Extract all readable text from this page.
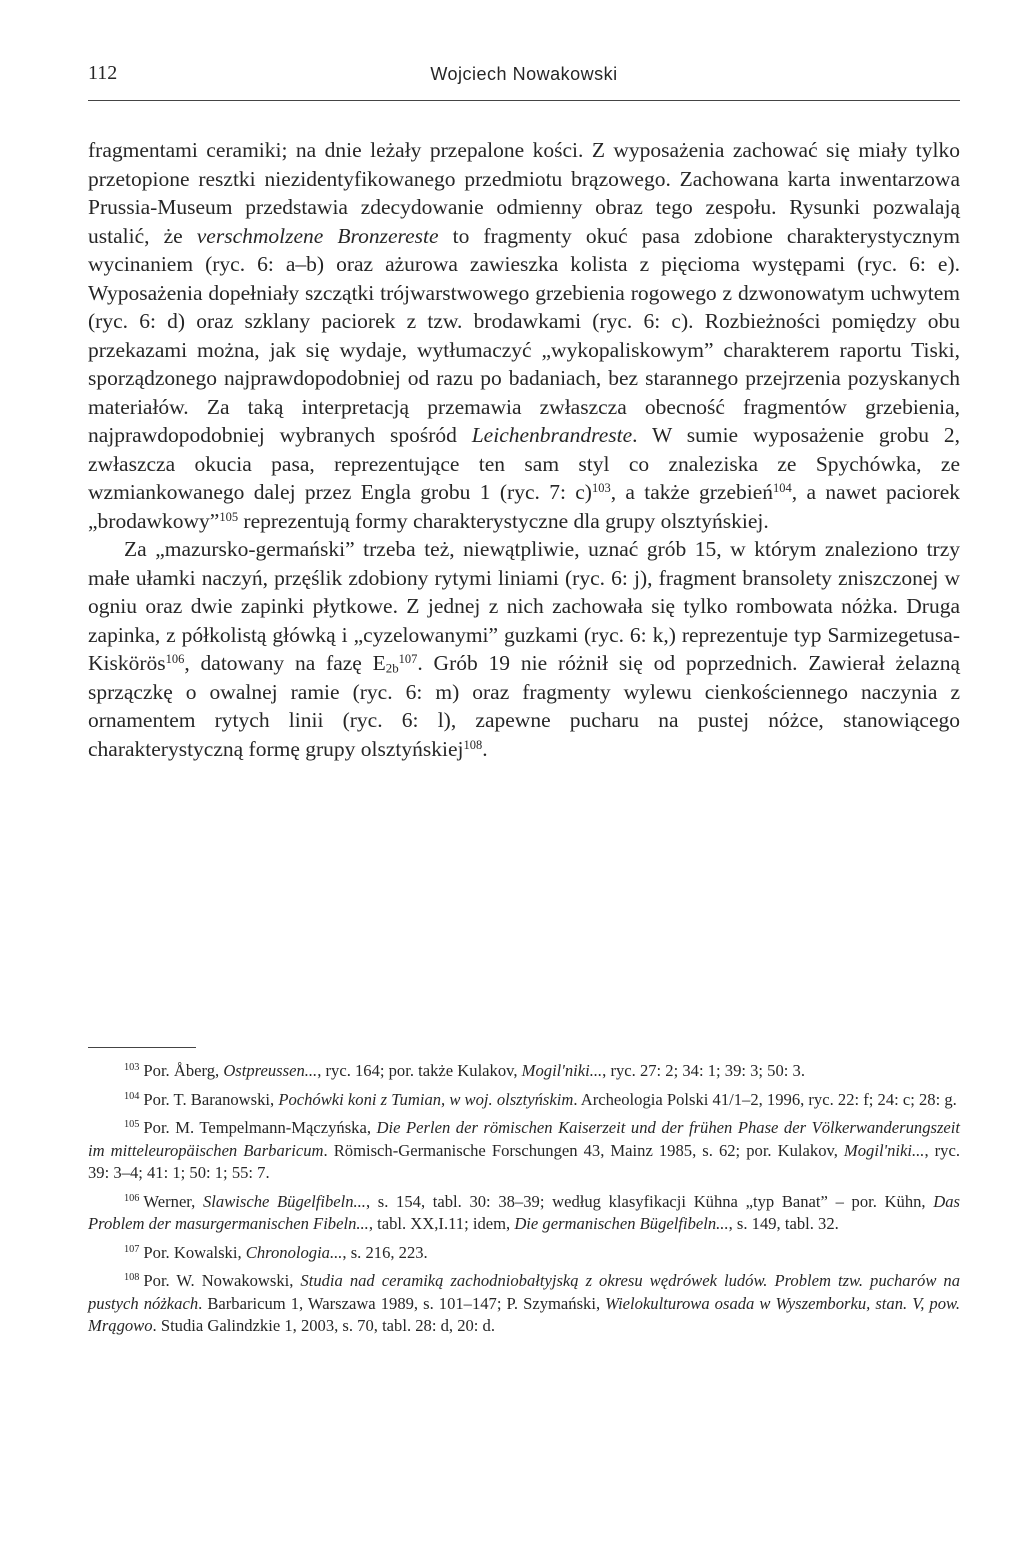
112	Wojciech Nowakowski

fragmentami ceramiki; na dnie leżały przepalone kości. Z wyposażenia zachować się miały tylko przetopione resztki niezidentyfikowanego przedmiotu brązowego. Zachowana karta inwentarzowa Prussia-Museum przedstawia zdecydowanie odmienny obraz tego zespołu. Rysunki pozwalają ustalić, że verschmolzene Bronzereste to fragmenty okuć pasa zdobione charakterystycznym wycinaniem (ryc. 6: a–b) oraz ażurowa zawieszka kolista z pięcioma występami (ryc. 6: e). Wyposażenia dopełniały szczątki trójwarstwowego grzebienia rogowego z dzwonowatym uchwytem (ryc. 6: d) oraz szklany paciorek z tzw. brodawkami (ryc. 6: c). Rozbieżności pomiędzy obu przekazami można, jak się wydaje, wytłumaczyć „wykopaliskowym” charakterem raportu Tiski, sporządzonego najprawdopodobniej od razu po badaniach, bez starannego przejrzenia pozyskanych materiałów. Za taką interpretacją przemawia zwłaszcza obecność fragmentów grzebienia, najprawdopodobniej wybranych spośród Leichenbrandreste. W sumie wyposażenie grobu 2, zwłaszcza okucia pasa, reprezentujące ten sam styl co znaleziska ze Spychówka, ze wzmiankowanego dalej przez Engla grobu 1 (ryc. 7: c)$^{103}$, a także grzebień$^{104}$, a nawet paciorek „brodawkowy”$^{105}$ reprezentują formy charakterystyczne dla grupy olsztyńskiej.

Za „mazursko-germański” trzeba też, niewątpliwie, uznać grób 15, w którym znaleziono trzy małe ułamki naczyń, przęślik zdobiony rytymi liniami (ryc. 6: j), fragment bransolety zniszczonej w ogniu oraz dwie zapinki płytkowe. Z jednej z nich zachowała się tylko rombowata nóżka. Druga zapinka, z półkolistą główką i „cyzelowanymi” guzkami (ryc. 6: k,) reprezentuje typ Sarmizegetusa-Kiskörös$^{106}$, datowany na fazę $E_{2b}^{107}$. Grób 19 nie różnił się od poprzednich. Zawierał żelazną sprzączkę o owalnej ramie (ryc. 6: m) oraz fragmenty wylewu cienkościennego naczynia z ornamentem rytych linii (ryc. 6: l), zapewne pucharu na pustej nóżce, stanowiącego charakterystyczną formę grupy olsztyńskiej$^{108}$.

$^{103}$ Por. Åberg, Ostpreussen..., ryc. 164; por. także Kulakov, Mogil'niki..., ryc. 27: 2; 34: 1; 39: 3; 50: 3.

$^{104}$ Por. T. Baranowski, Pochówki koni z Tumian, w woj. olsztyńskim. Archeologia Polski 41/1–2, 1996, ryc. 22: f; 24: c; 28: g.

$^{105}$ Por. M. Tempelmann-Mączyńska, Die Perlen der römischen Kaiserzeit und der frühen Phase der Völkerwanderungszeit im mitteleuropäischen Barbaricum. Römisch-Germanische Forschungen 43, Mainz 1985, s. 62; por. Kulakov, Mogil'niki..., ryc. 39: 3–4; 41: 1; 50: 1; 55: 7.

$^{106}$ Werner, Slawische Bügelfibeln..., s. 154, tabl. 30: 38–39; według klasyfikacji Kühna „typ Banat” – por. Kühn, Das Problem der masurgermanischen Fibeln..., tabl. XX,I.11; idem, Die germanischen Bügelfibeln..., s. 149, tabl. 32.

$^{107}$ Por. Kowalski, Chronologia..., s. 216, 223.

$^{108}$ Por. W. Nowakowski, Studia nad ceramiką zachodniobałtyjską z okresu wędrówek ludów. Problem tzw. pucharów na pustych nóżkach. Barbaricum 1, Warszawa 1989, s. 101–147; P. Szymański, Wielokulturowa osada w Wyszemborku, stan. V, pow. Mrągowo. Studia Galindzkie 1, 2003, s. 70, tabl. 28: d, 20: d.
